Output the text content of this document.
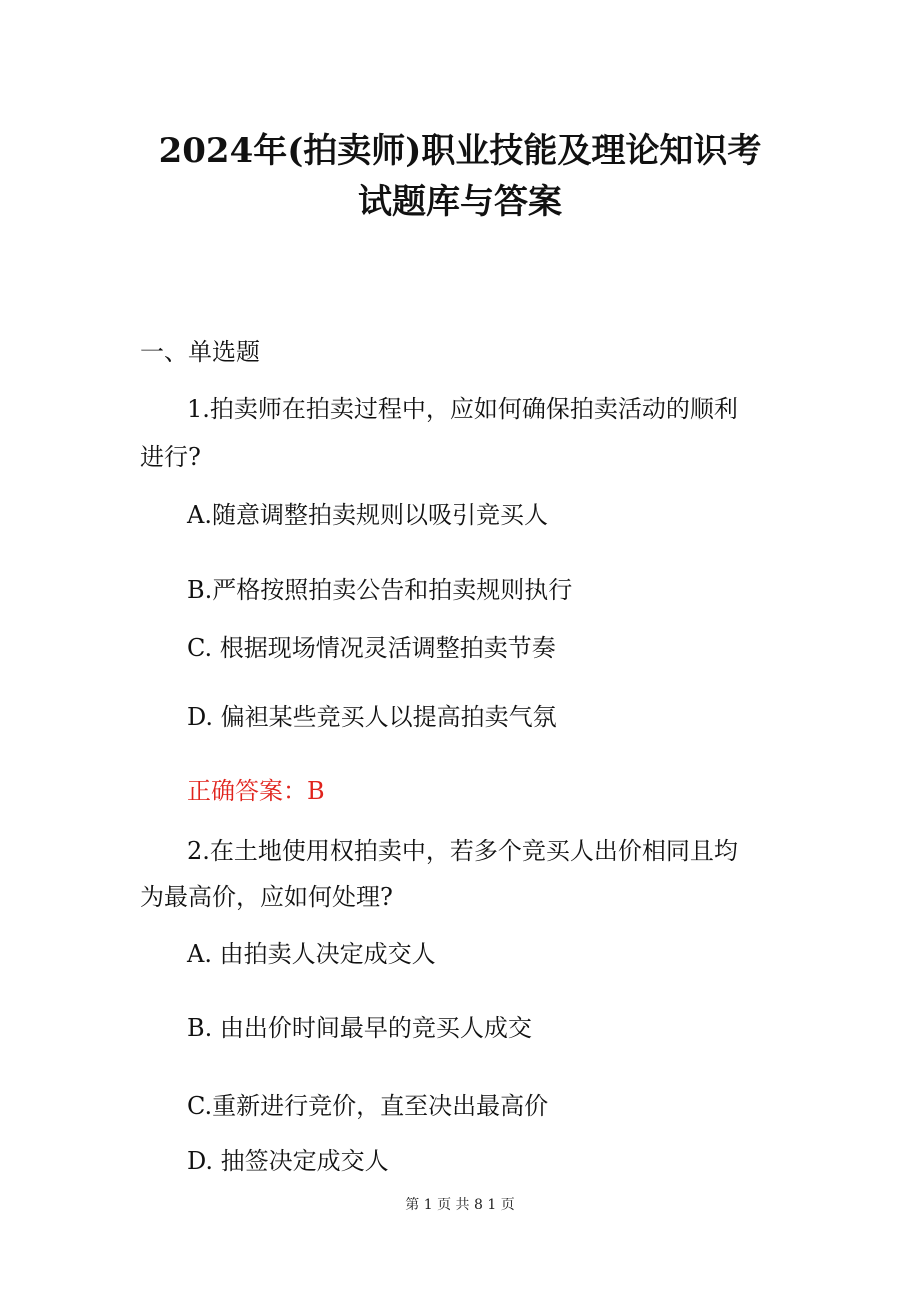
2024年(拍卖师)职业技能及理论知识考
试题库与答案
一、单选题
1.拍卖师在拍卖过程中，应如何确保拍卖活动的顺利
进行?
A.随意调整拍卖规则以吸引竞买人
B.严格按照拍卖公告和拍卖规则执行
C. 根据现场情况灵活调整拍卖节奏
D. 偏袒某些竞买人以提高拍卖气氛
正确答案：B
2.在土地使用权拍卖中，若多个竞买人出价相同且均
为最高价，应如何处理?
A. 由拍卖人决定成交人
B. 由出价时间最早的竞买人成交
C.重新进行竞价，直至决出最高价
D. 抽签决定成交人
第 1 页 共 8 1 页
